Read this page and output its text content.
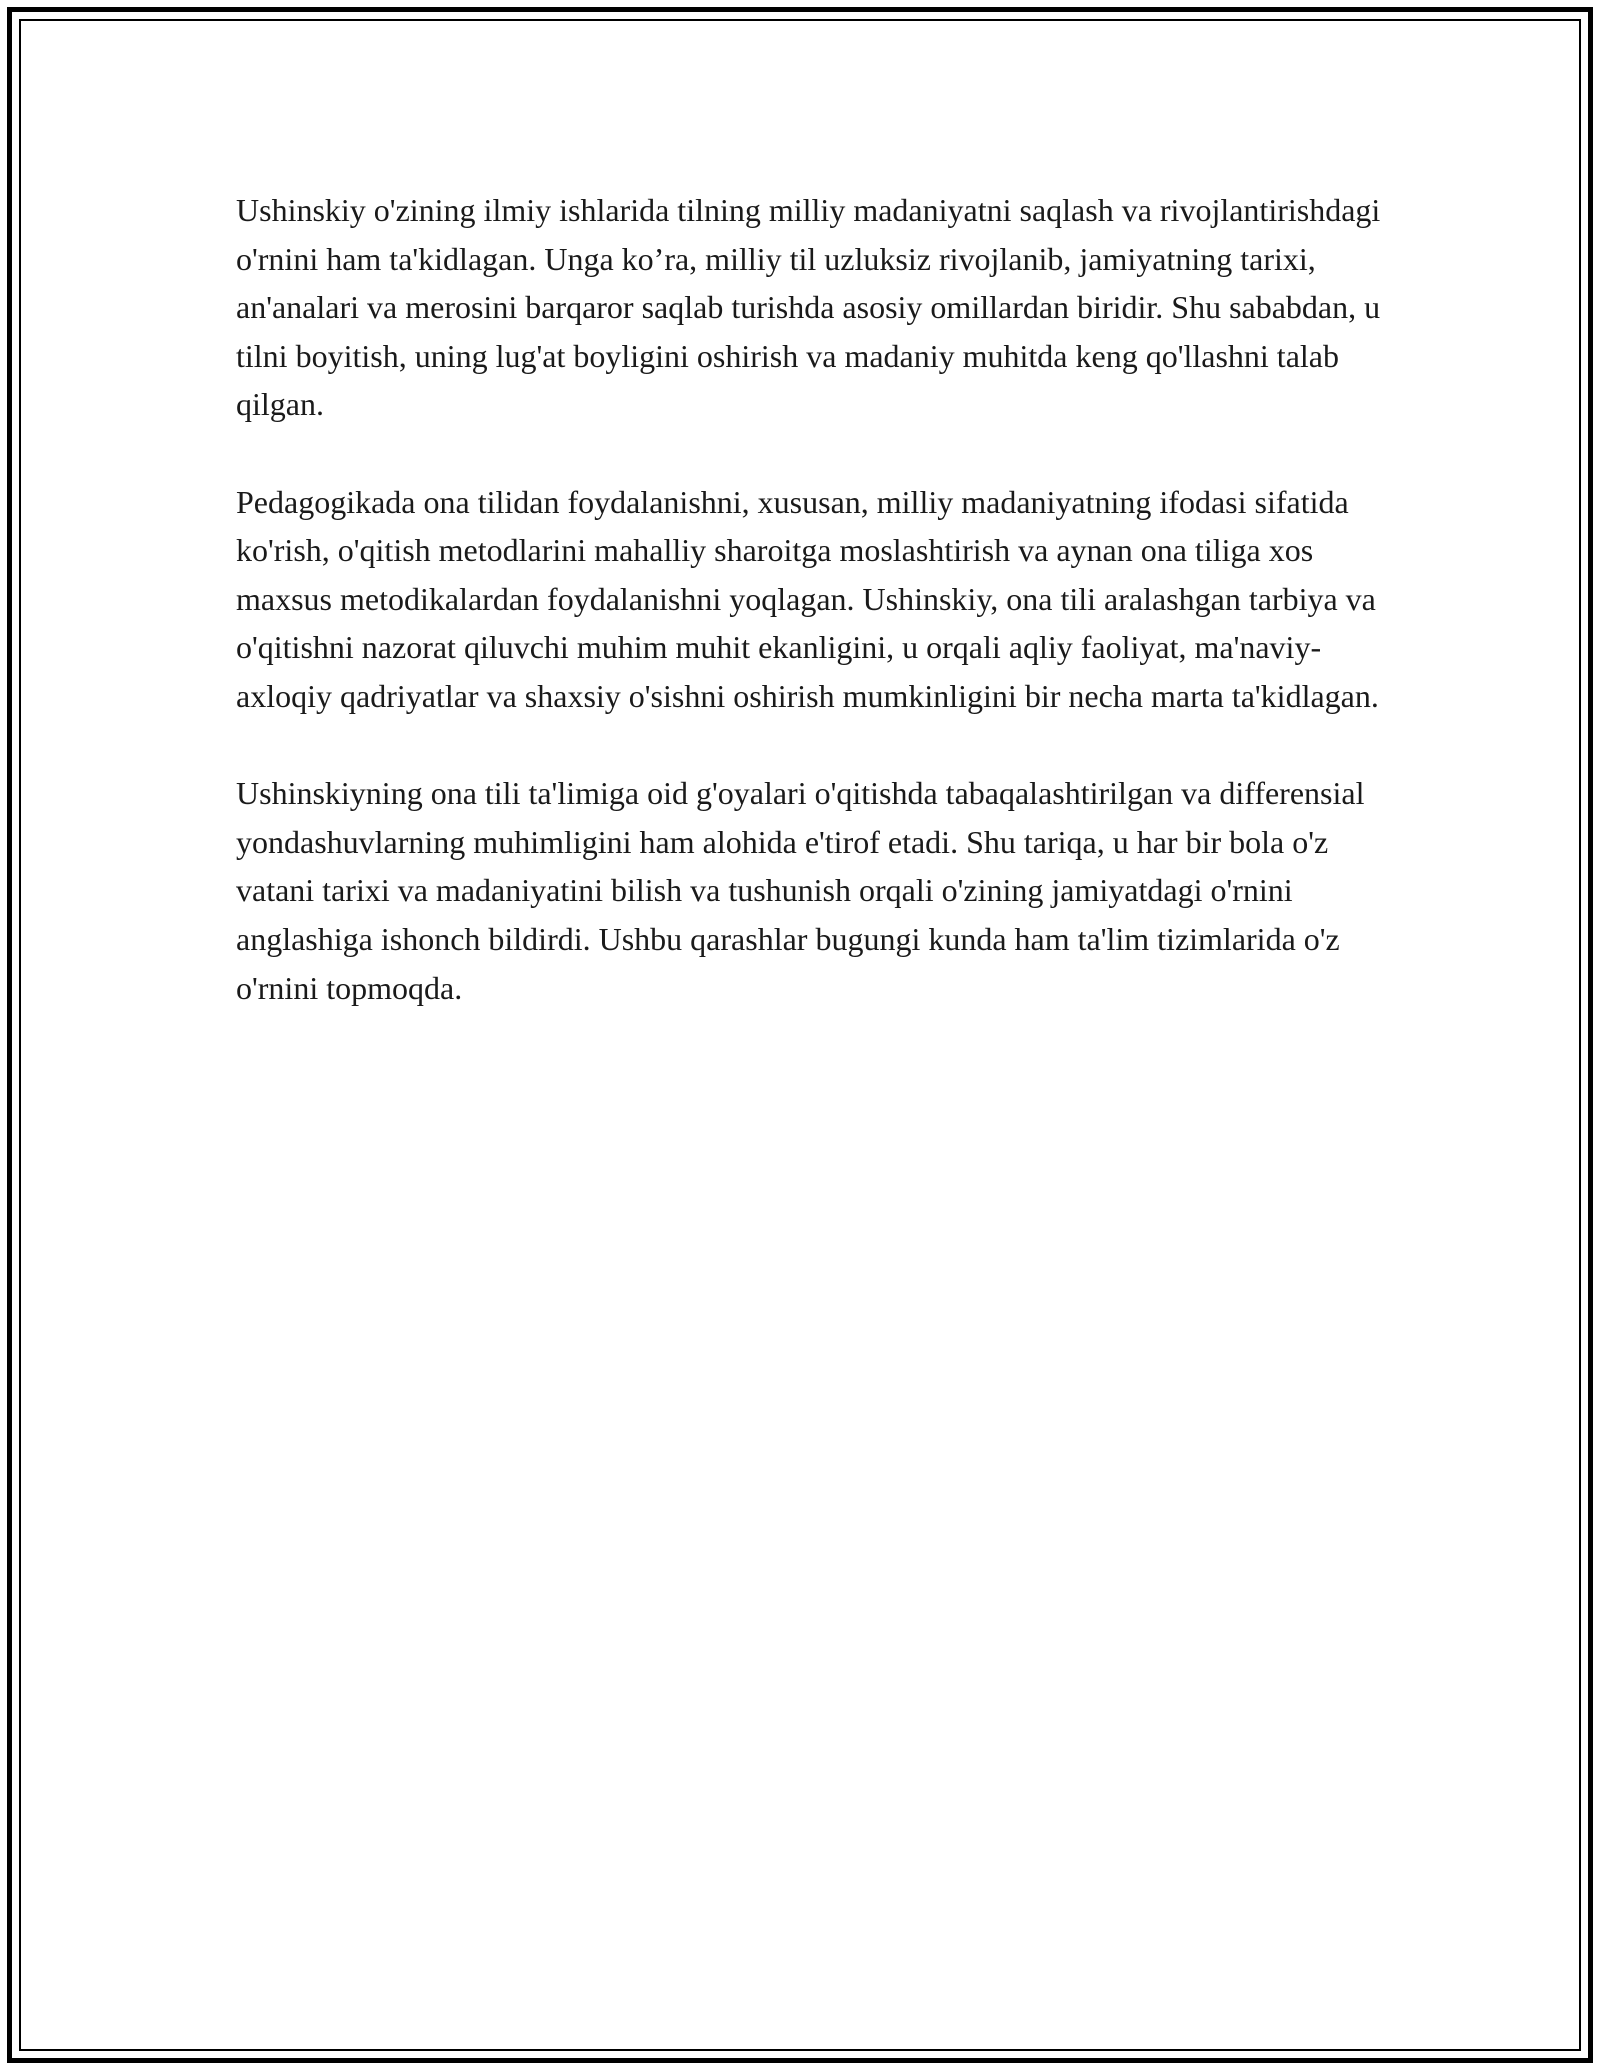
Ushinskiy o'zining ilmiy ishlarida tilning milliy madaniyatni saqlash va rivojlantirishdagi o'rnini ham ta'kidlagan. Unga ko’ra, milliy til uzluksiz rivojlanib, jamiyatning tarixi, an'analari va merosini barqaror saqlab turishda asosiy omillardan biridir. Shu sababdan, u tilni boyitish, uning lug'at boyligini oshirish va madaniy muhitda keng qo'llashni talab qilgan.

Pedagogikada ona tilidan foydalanishni, xususan, milliy madaniyatning ifodasi sifatida ko'rish, o'qitish metodlarini mahalliy sharoitga moslashtirish va aynan ona tiliga xos maxsus metodikalardan foydalanishni yoqlagan. Ushinskiy, ona tili aralashgan tarbiya va o'qitishni nazorat qiluvchi muhim muhit ekanligini, u orqali aqliy faoliyat, ma'naviy-axloqiy qadriyatlar va shaxsiy o'sishni oshirish mumkinligini bir necha marta ta'kidlagan.

Ushinskiyning ona tili ta'limiga oid g'oyalari o'qitishda tabaqalashtirilgan va differensial yondashuvlarning muhimligini ham alohida e'tirof etadi. Shu tariqa, u har bir bola o'z vatani tarixi va madaniyatini bilish va tushunish orqali o'zining jamiyatdagi o'rnini anglashiga ishonch bildirdi. Ushbu qarashlar bugungi kunda ham ta'lim tizimlarida o'z o'rnini topmoqda.
